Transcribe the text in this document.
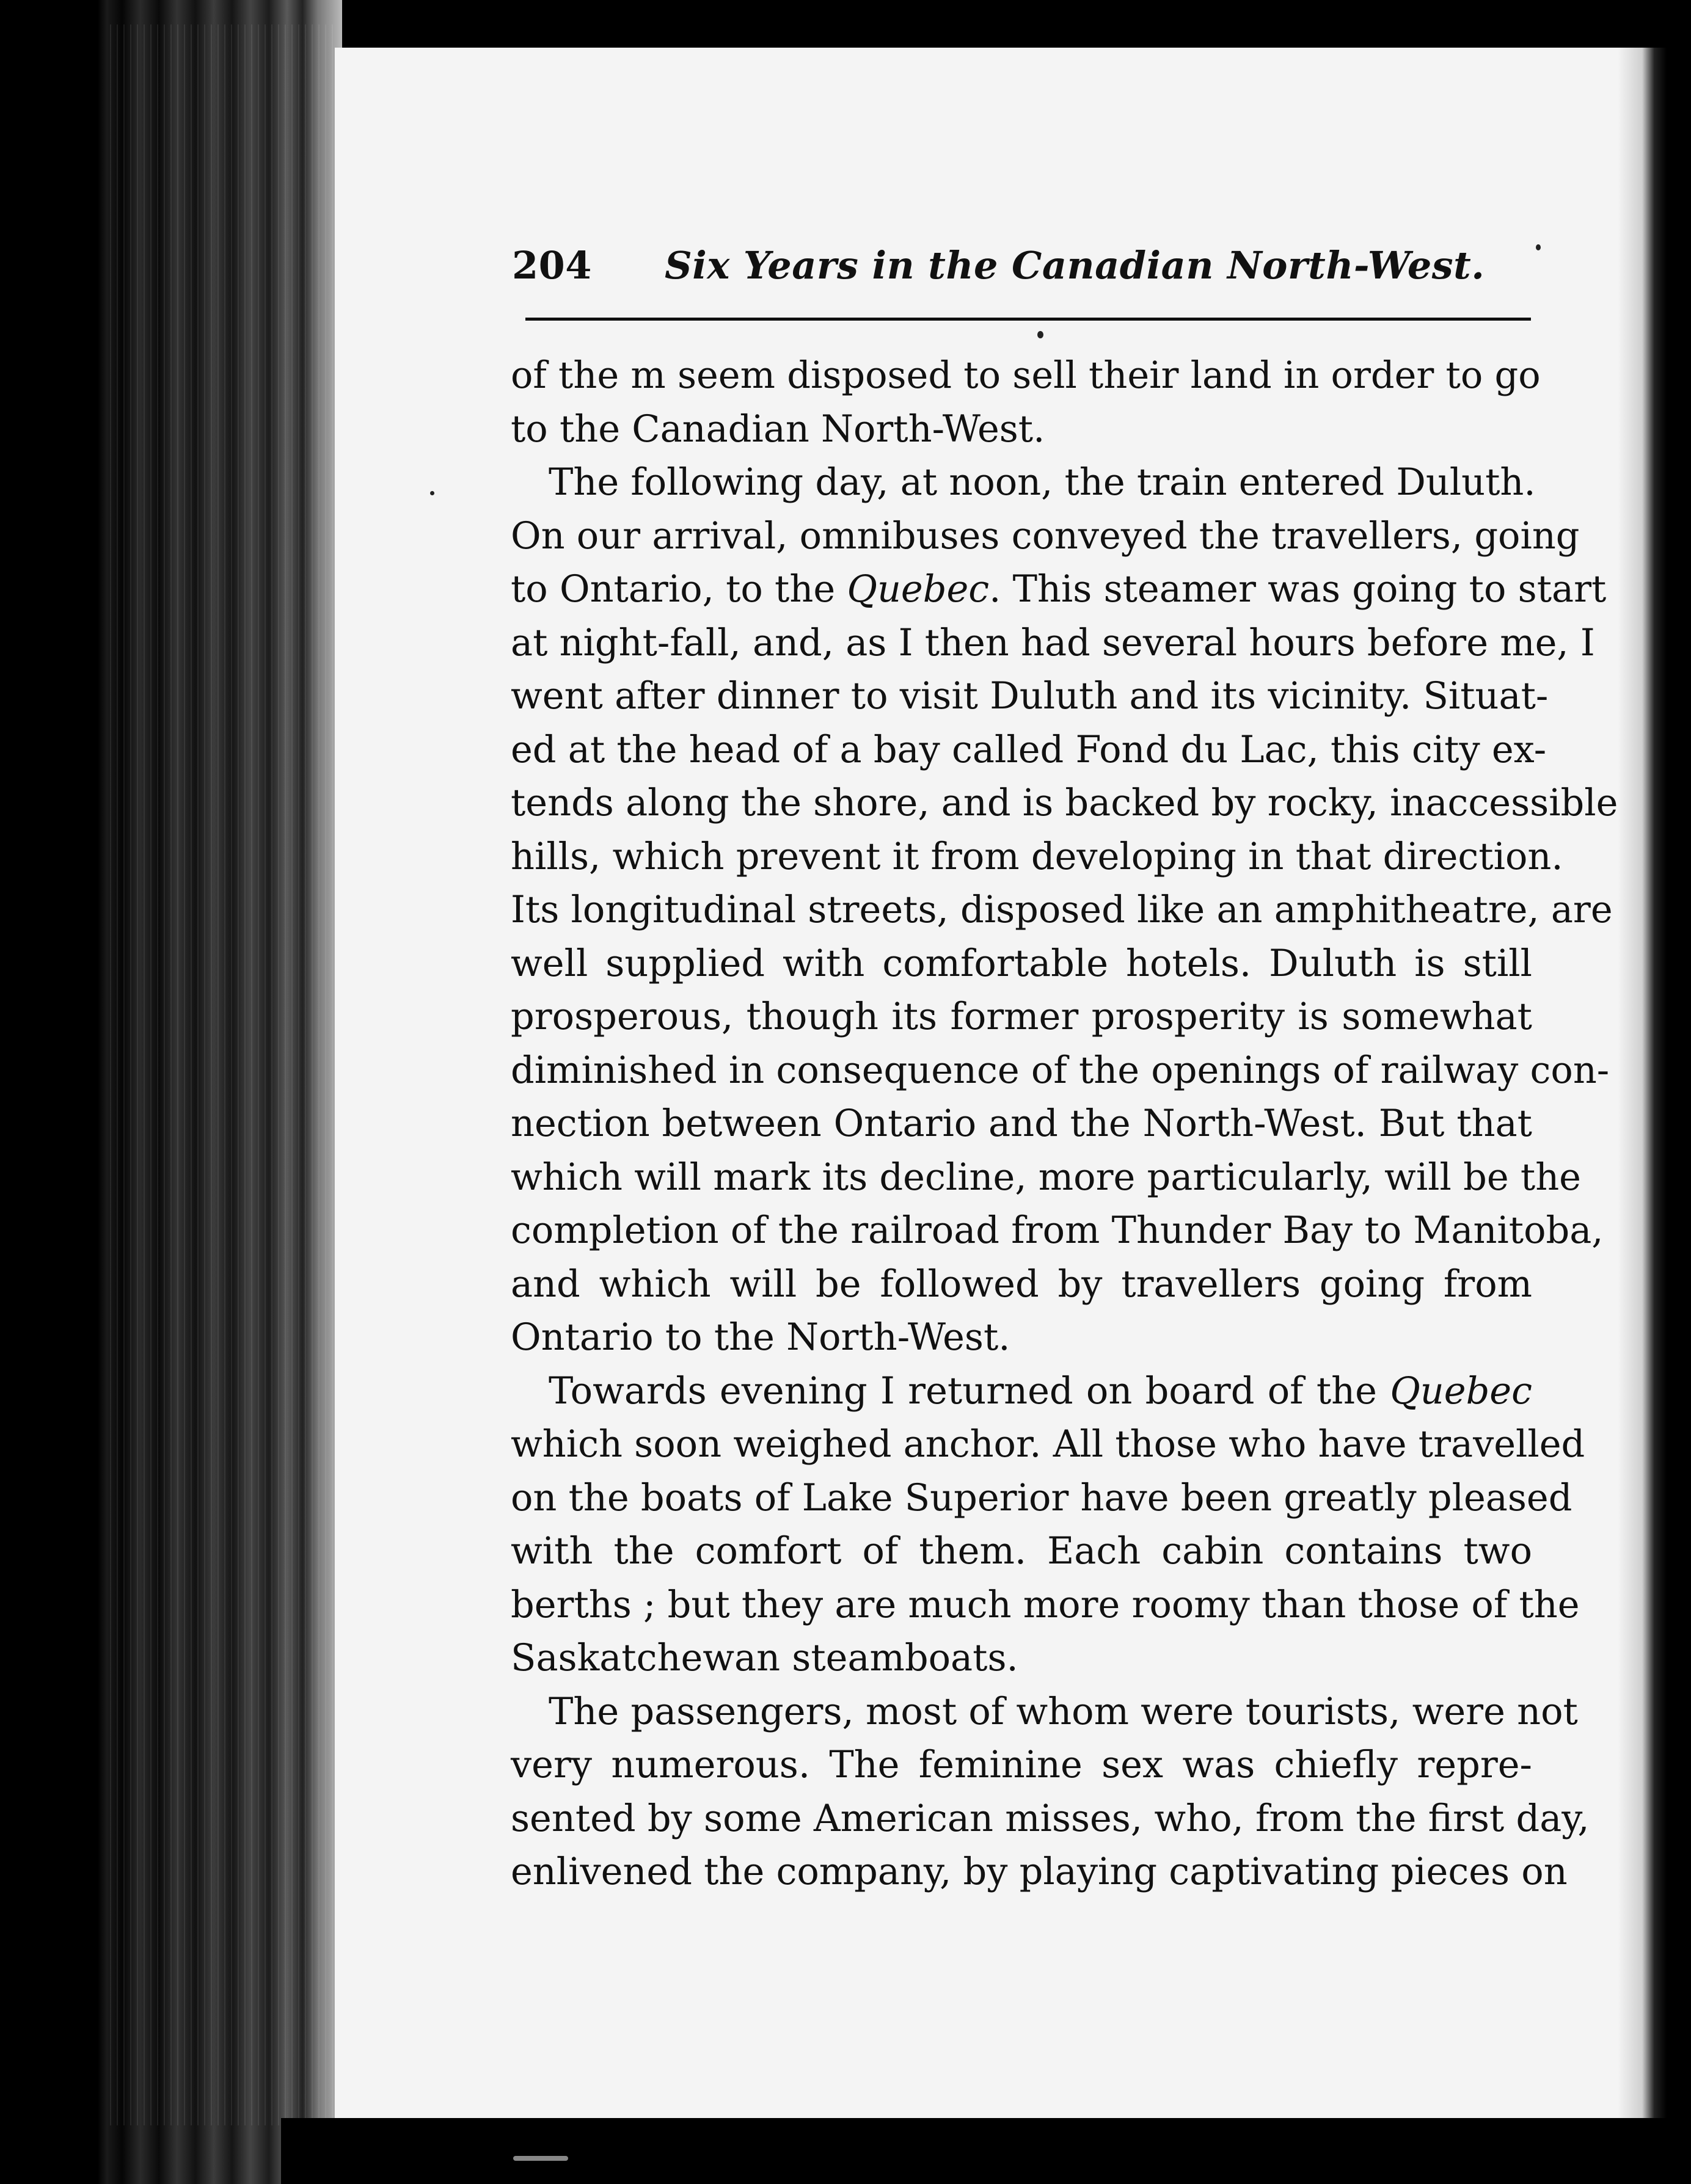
204 Six Years in the Canadian North-West.
of the m seem disposed to sell their land in order to go
to the Canadian North-West.
The following day, at noon, the train entered Duluth.
On our arrival, omnibuses conveyed the travellers, going
to Ontario, to the Quebec. This steamer was going to start
at night-fall, and, as I then had several hours before me, I
went after dinner to visit Duluth and its vicinity. Situat-
ed at the head of a bay called Fond du Lac, this city ex-
tends along the shore, and is backed by rocky, inaccessible
hills, which prevent it from developing in that direction.
Its longitudinal streets, disposed like an amphitheatre, are
well supplied with comfortable hotels. Duluth is still
prosperous, though its former prosperity is somewhat
diminished in consequence of the openings of railway con-
nection between Ontario and the North-West. But that
which will mark its decline, more particularly, will be the
completion of the railroad from Thunder Bay to Manitoba,
and which will be followed by travellers going from
Ontario to the North-West.
Towards evening I returned on board of the Quebec
which soon weighed anchor. All those who have travelled
on the boats of Lake Superior have been greatly pleased
with the comfort of them. Each cabin contains two
berths ; but they are much more roomy than those of the
Saskatchewan steamboats.
The passengers, most of whom were tourists, were not
very numerous. The feminine sex was chiefly repre-
sented by some American misses, who, from the first day,
enlivened the company, by playing captivating pieces on
